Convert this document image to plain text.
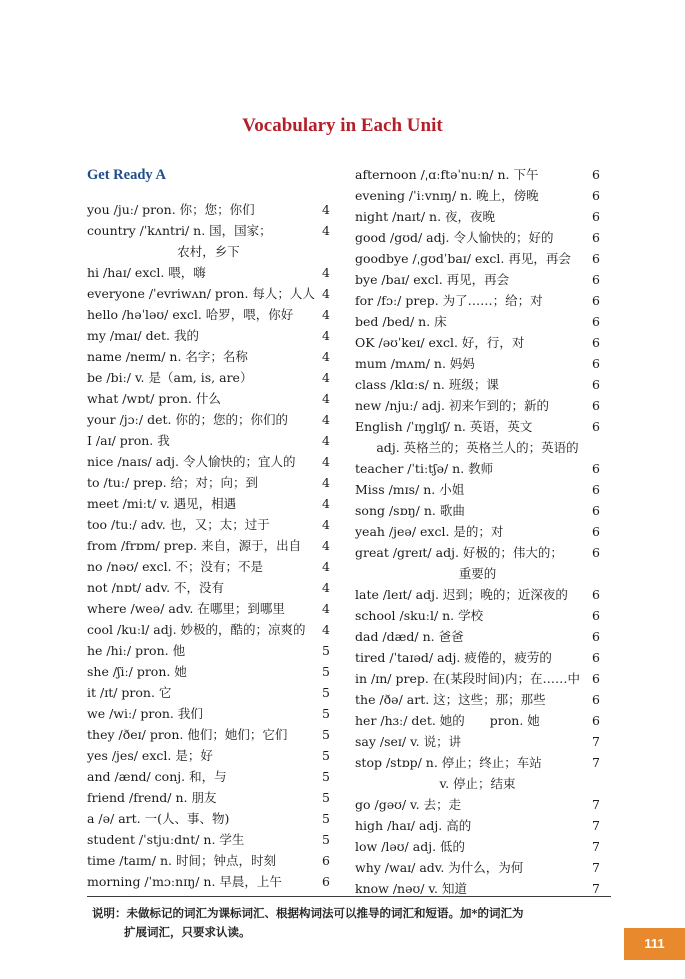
Vocabulary in Each Unit
Get Ready A
you /juː/ pron. 你；您；你们	4
country /ˈkʌntri/ n. 国，国家；	4
农村，乡下
hi /haɪ/ excl. 喂，嗨	4
everyone /ˈevriwʌn/ pron. 每人；人人 4
hello /həˈləʊ/ excl. 哈罗，喂，你好 4
my /maɪ/ det. 我的	4
name /neɪm/ n. 名字；名称	4
be /biː/ v. 是（am, is, are）	4
what /wɒt/ pron. 什么	4
your /jɔː/ det. 你的；您的；你们的	4
I /aɪ/ pron. 我	4
nice /naɪs/ adj. 令人愉快的；宜人的 4
to /tuː/ prep. 给；对；向；到	4
meet /miːt/ v. 遇见，相遇	4
too /tuː/ adv. 也，又；太；过于	4
from /frɒm/ prep. 来自，源于，出自 4
no /nəʊ/ excl. 不；没有；不是	4
not /nɒt/ adv. 不，没有	4
where /weə/ adv. 在哪里；到哪里	4
cool /kuːl/ adj. 妙极的，酷的；凉爽的 4
he /hiː/ pron. 他	5
she /ʃiː/ pron. 她	5
it /ɪt/ pron. 它	5
we /wiː/ pron. 我们	5
they /ðeɪ/ pron. 他们；她们；它们	5
yes /jes/ excl. 是；好	5
and /ænd/ conj. 和，与	5
friend /frend/ n. 朋友	5
a /ə/ art. 一(人、事、物)	5
student /ˈstjuːdnt/ n. 学生	5
time /taɪm/ n. 时间；钟点，时刻	6
morning /ˈmɔːnɪŋ/ n. 早晨，上午	6
afternoon /ˌɑːftəˈnuːn/ n. 下午	6
evening /ˈiːvnɪŋ/ n. 晚上，傍晚	6
night /naɪt/ n. 夜，夜晚	6
good /gʊd/ adj. 令人愉快的；好的	6
goodbye /ˌgʊdˈbaɪ/ excl. 再见，再会 6
bye /baɪ/ excl. 再见，再会	6
for /fɔː/ prep. 为了……；给；对	6
bed /bed/ n. 床	6
OK /əʊˈkeɪ/ excl. 好，行，对	6
mum /mʌm/ n. 妈妈	6
class /klɑːs/ n. 班级；课	6
new /njuː/ adj. 初来乍到的；新的	6
English /ˈɪŋglɪʃ/ n. 英语，英文	6
adj. 英格兰的；英格兰人的；英语的
teacher /ˈtiːtʃə/ n. 教师	6
Miss /mɪs/ n. 小姐	6
song /sɒŋ/ n. 歌曲	6
yeah /jeə/ excl. 是的；对	6
great /greɪt/ adj. 好极的；伟大的； 6
重要的
late /leɪt/ adj. 迟到；晚的；近深夜的 6
school /skuːl/ n. 学校	6
dad /dæd/ n. 爸爸	6
tired /ˈtaɪəd/ adj. 疲倦的，疲劳的	6
in /ɪn/ prep. 在(某段时间)内；在……中 6
the /ðə/ art. 这；这些；那；那些	6
her /hɜː/ det. 她的　　pron. 她	6
say /seɪ/ v. 说；讲	7
stop /stɒp/ n. 停止；终止；车站	7
v. 停止；结束
go /gəʊ/ v. 去；走	7
high /haɪ/ adj. 高的	7
low /ləʊ/ adj. 低的	7
why /waɪ/ adv. 为什么，为何	7
know /nəʊ/ v. 知道	7
说明：未做标记的词汇为课标词汇、根据构词法可以推导的词汇和短语。加*的词汇为
扩展词汇，只要求认读。
111
